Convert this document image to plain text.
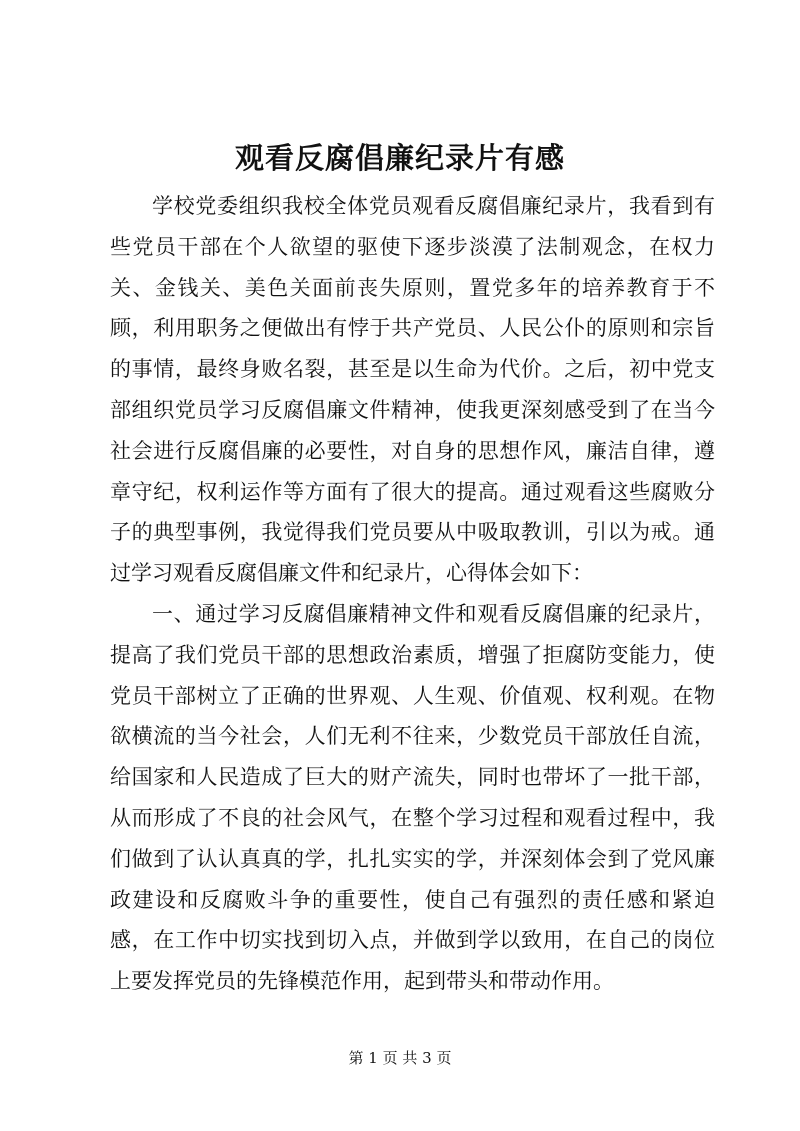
观看反腐倡廉纪录片有感

学校党委组织我校全体党员观看反腐倡廉纪录片，我看到有些党员干部在个人欲望的驱使下逐步淡漠了法制观念，在权力关、金钱关、美色关面前丧失原则，置党多年的培养教育于不顾，利用职务之便做出有悖于共产党员、人民公仆的原则和宗旨的事情，最终身败名裂，甚至是以生命为代价。之后，初中党支部组织党员学习反腐倡廉文件精神，使我更深刻感受到了在当今社会进行反腐倡廉的必要性，对自身的思想作风，廉洁自律，遵章守纪，权利运作等方面有了很大的提高。通过观看这些腐败分子的典型事例，我觉得我们党员要从中吸取教训，引以为戒。通过学习观看反腐倡廉文件和纪录片，心得体会如下：

一、通过学习反腐倡廉精神文件和观看反腐倡廉的纪录片，提高了我们党员干部的思想政治素质，增强了拒腐防变能力，使党员干部树立了正确的世界观、人生观、价值观、权利观。在物欲横流的当今社会，人们无利不往来，少数党员干部放任自流，给国家和人民造成了巨大的财产流失，同时也带坏了一批干部，从而形成了不良的社会风气，在整个学习过程和观看过程中，我们做到了认认真真的学，扎扎实实的学，并深刻体会到了党风廉政建设和反腐败斗争的重要性，使自己有强烈的责任感和紧迫感，在工作中切实找到切入点，并做到学以致用，在自己的岗位上要发挥党员的先锋模范作用，起到带头和带动作用。

第 1 页 共 3 页
